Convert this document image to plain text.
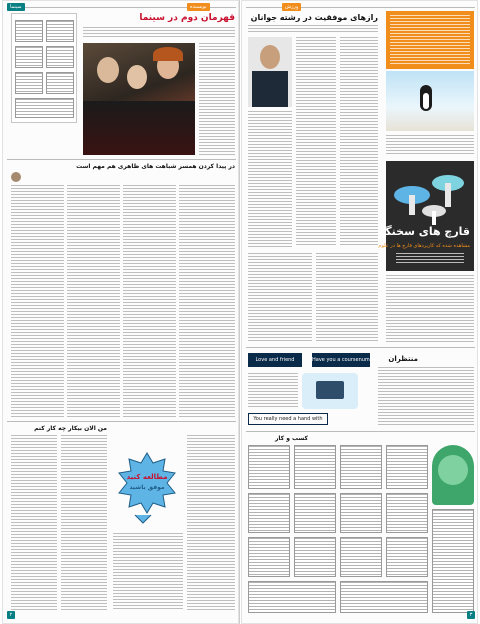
سینما	نویسنده
قهرمان دوم در سینما
در پیدا کردن همسر شباهت های ظاهری هم مهم است
من الان بیکار چه کار کنم
مطالعه کنید
موفق باشید
۲
ورزش
رازهای موفقیت در رشته جوانان
قارچ های سخنگو
مشاهده شده که کاربردهای قارچ ها در علوم
Love and friend	Have you a coursenumber	منتظران
You really need a hand with
کسب و کار
۳
